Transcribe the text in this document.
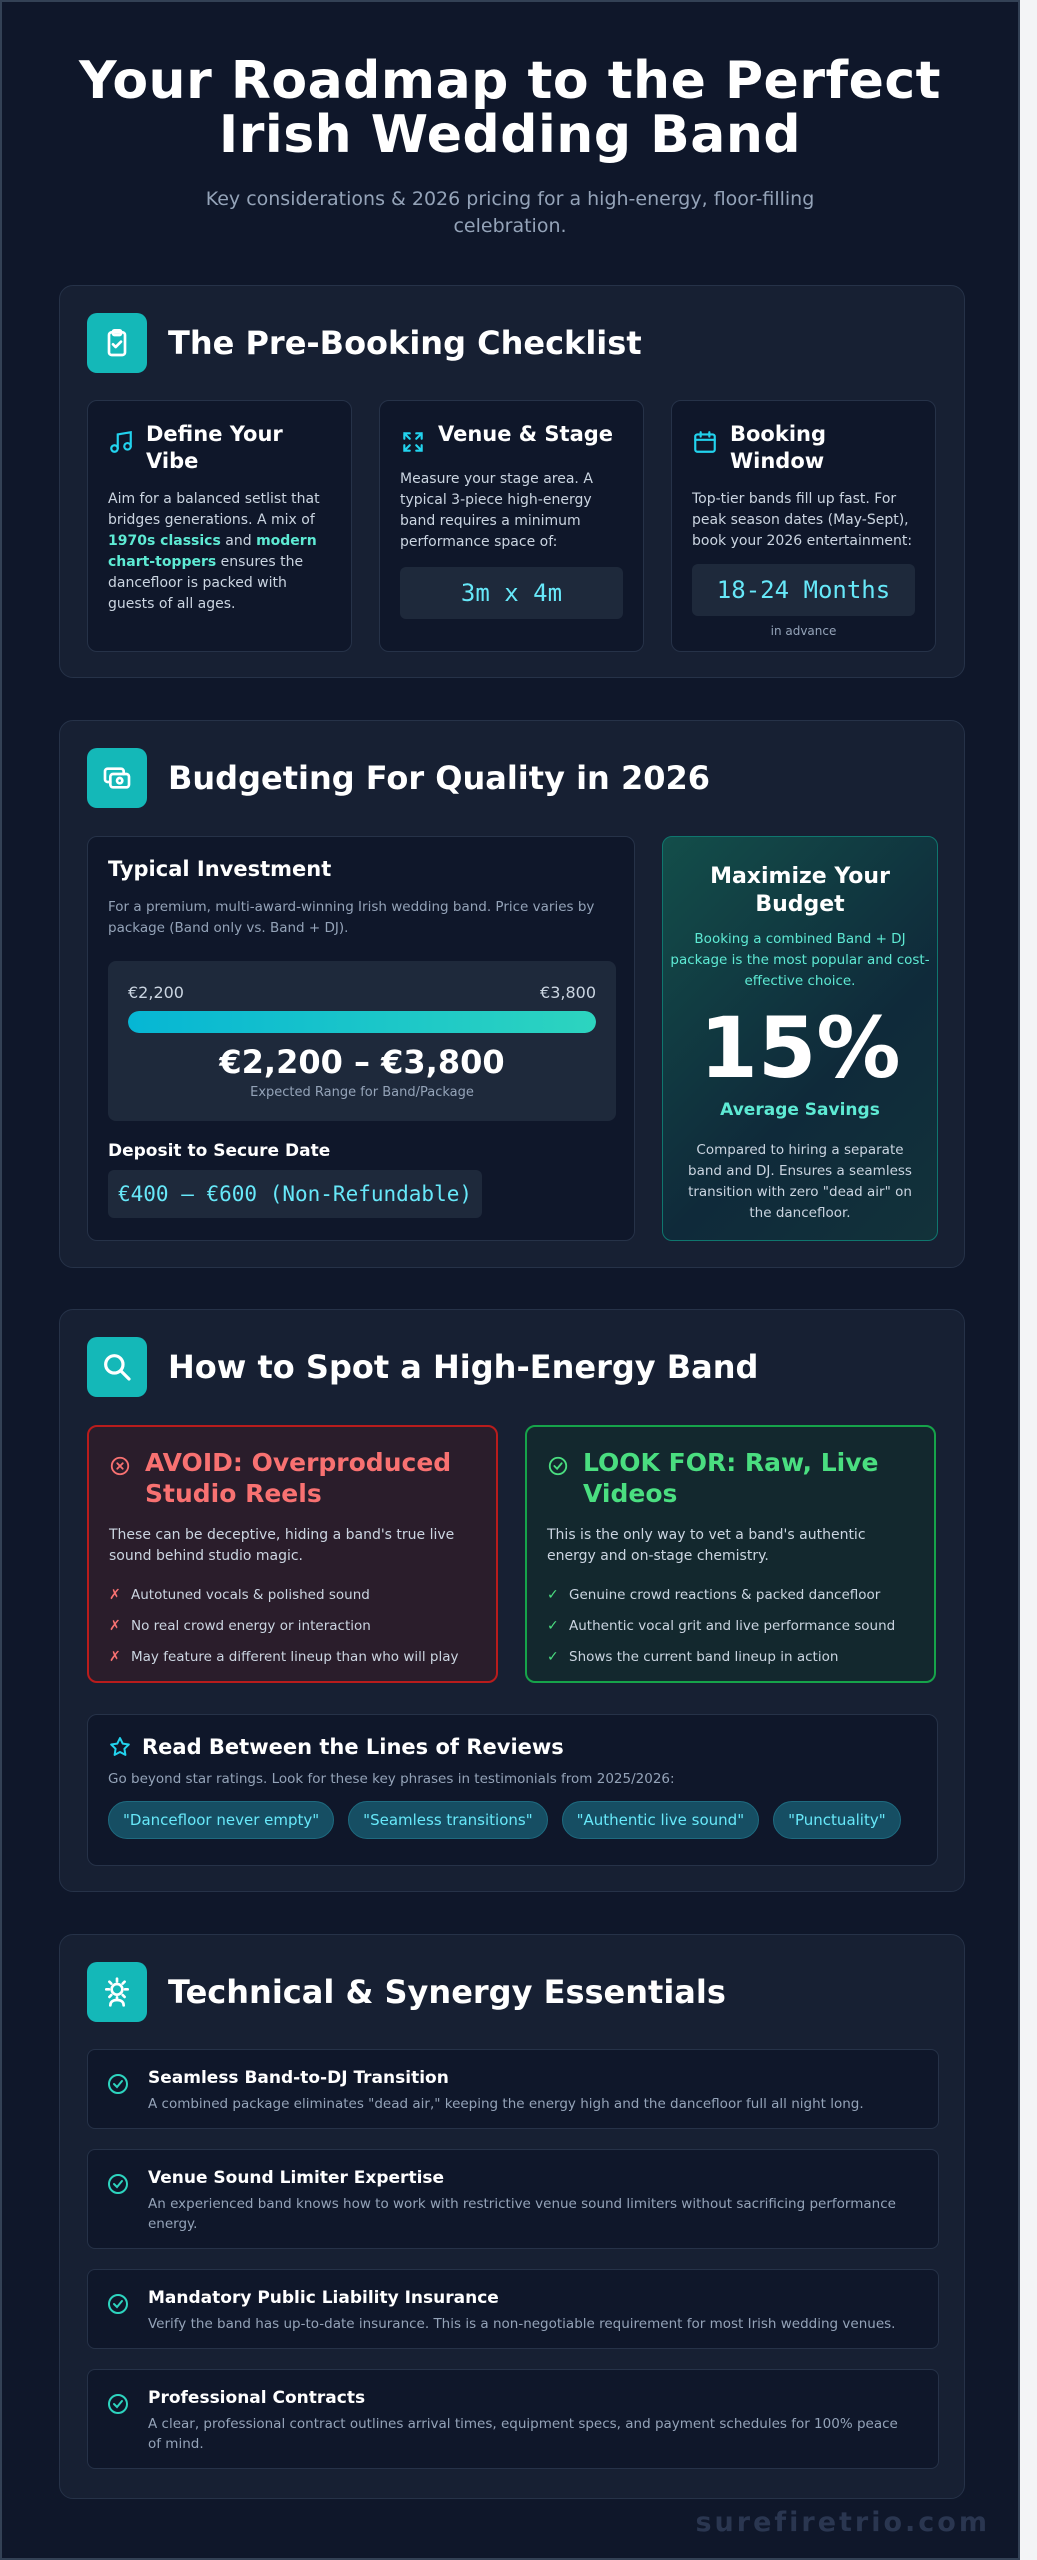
Your Roadmap to the Perfect
Irish Wedding Band

Key considerations & 2026 pricing for a high-energy, floor-filling celebration.

The Pre-Booking Checklist
Define Your Vibe
Aim for a balanced setlist that bridges generations. A mix of 1970s classics and modern chart-toppers ensures the dancefloor is packed with guests of all ages.
Venue & Stage
Measure your stage area. A typical 3-piece high-energy band requires a minimum performance space of:
3m x 4m
Booking Window
Top-tier bands fill up fast. For peak season dates (May-Sept), book your 2026 entertainment:
18-24 Months
in advance
Budgeting For Quality in 2026
Typical Investment
For a premium, multi-award-winning Irish wedding band. Price varies by package (Band only vs. Band + DJ).
€2,200	€3,800
€2,200 – €3,800
Expected Range for Band/Package
Deposit to Secure Date
€400 – €600 (Non-Refundable)
Maximize Your Budget
Booking a combined Band + DJ package is the most popular and cost-effective choice.
15%
Average Savings
Compared to hiring a separate band and DJ. Ensures a seamless transition with zero "dead air" on the dancefloor.
How to Spot a High-Energy Band
AVOID: Overproduced Studio Reels
These can be deceptive, hiding a band's true live sound behind studio magic.
✗ Autotuned vocals & polished sound
✗ No real crowd energy or interaction
✗ May feature a different lineup than who will play
LOOK FOR: Raw, Live Videos
This is the only way to vet a band's authentic energy and on-stage chemistry.
✓ Genuine crowd reactions & packed dancefloor
✓ Authentic vocal grit and live performance sound
✓ Shows the current band lineup in action
Read Between the Lines of Reviews
Go beyond star ratings. Look for these key phrases in testimonials from 2025/2026:
"Dancefloor never empty"	"Seamless transitions"	"Authentic live sound"	"Punctuality"
Technical & Synergy Essentials
Seamless Band-to-DJ Transition
A combined package eliminates "dead air," keeping the energy high and the dancefloor full all night long.
Venue Sound Limiter Expertise
An experienced band knows how to work with restrictive venue sound limiters without sacrificing performance energy.
Mandatory Public Liability Insurance
Verify the band has up-to-date insurance. This is a non-negotiable requirement for most Irish wedding venues.
Professional Contracts
A clear, professional contract outlines arrival times, equipment specs, and payment schedules for 100% peace of mind.
surefiretrio.com
